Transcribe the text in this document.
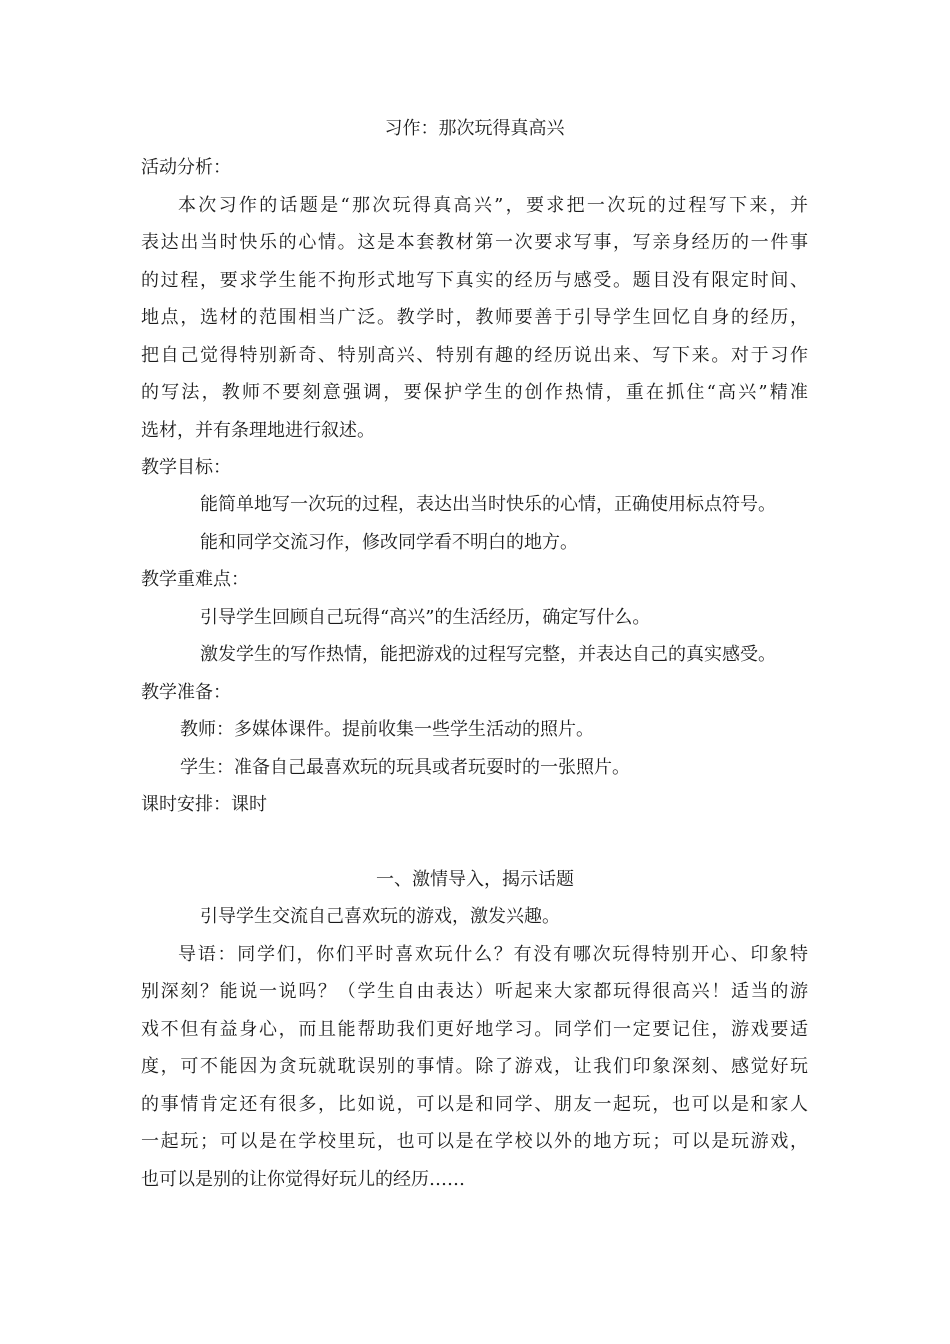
习作：那次玩得真高兴
活动分析：
本次习作的话题是“那次玩得真高兴”，要求把一次玩的过程写下来，并
表达出当时快乐的心情。这是本套教材第一次要求写事，写亲身经历的一件事
的过程，要求学生能不拘形式地写下真实的经历与感受。题目没有限定时间、
地点，选材的范围相当广泛。教学时，教师要善于引导学生回忆自身的经历，
把自己觉得特别新奇、特别高兴、特别有趣的经历说出来、写下来。对于习作
的写法，教师不要刻意强调，要保护学生的创作热情，重在抓住“高兴”精准
选材，并有条理地进行叙述。
教学目标：
能简单地写一次玩的过程，表达出当时快乐的心情，正确使用标点符号。
能和同学交流习作，修改同学看不明白的地方。
教学重难点：
引导学生回顾自己玩得“高兴”的生活经历，确定写什么。
激发学生的写作热情，能把游戏的过程写完整，并表达自己的真实感受。
教学准备：
教师：多媒体课件。提前收集一些学生活动的照片。
学生：准备自己最喜欢玩的玩具或者玩耍时的一张照片。
课时安排：课时
一、激情导入，揭示话题
引导学生交流自己喜欢玩的游戏，激发兴趣。
导语：同学们，你们平时喜欢玩什么？有没有哪次玩得特别开心、印象特
别深刻？能说一说吗？（学生自由表达）听起来大家都玩得很高兴！适当的游
戏不但有益身心，而且能帮助我们更好地学习。同学们一定要记住，游戏要适
度，可不能因为贪玩就耽误别的事情。除了游戏，让我们印象深刻、感觉好玩
的事情肯定还有很多，比如说，可以是和同学、朋友一起玩，也可以是和家人
一起玩；可以是在学校里玩，也可以是在学校以外的地方玩；可以是玩游戏，
也可以是别的让你觉得好玩儿的经历……
